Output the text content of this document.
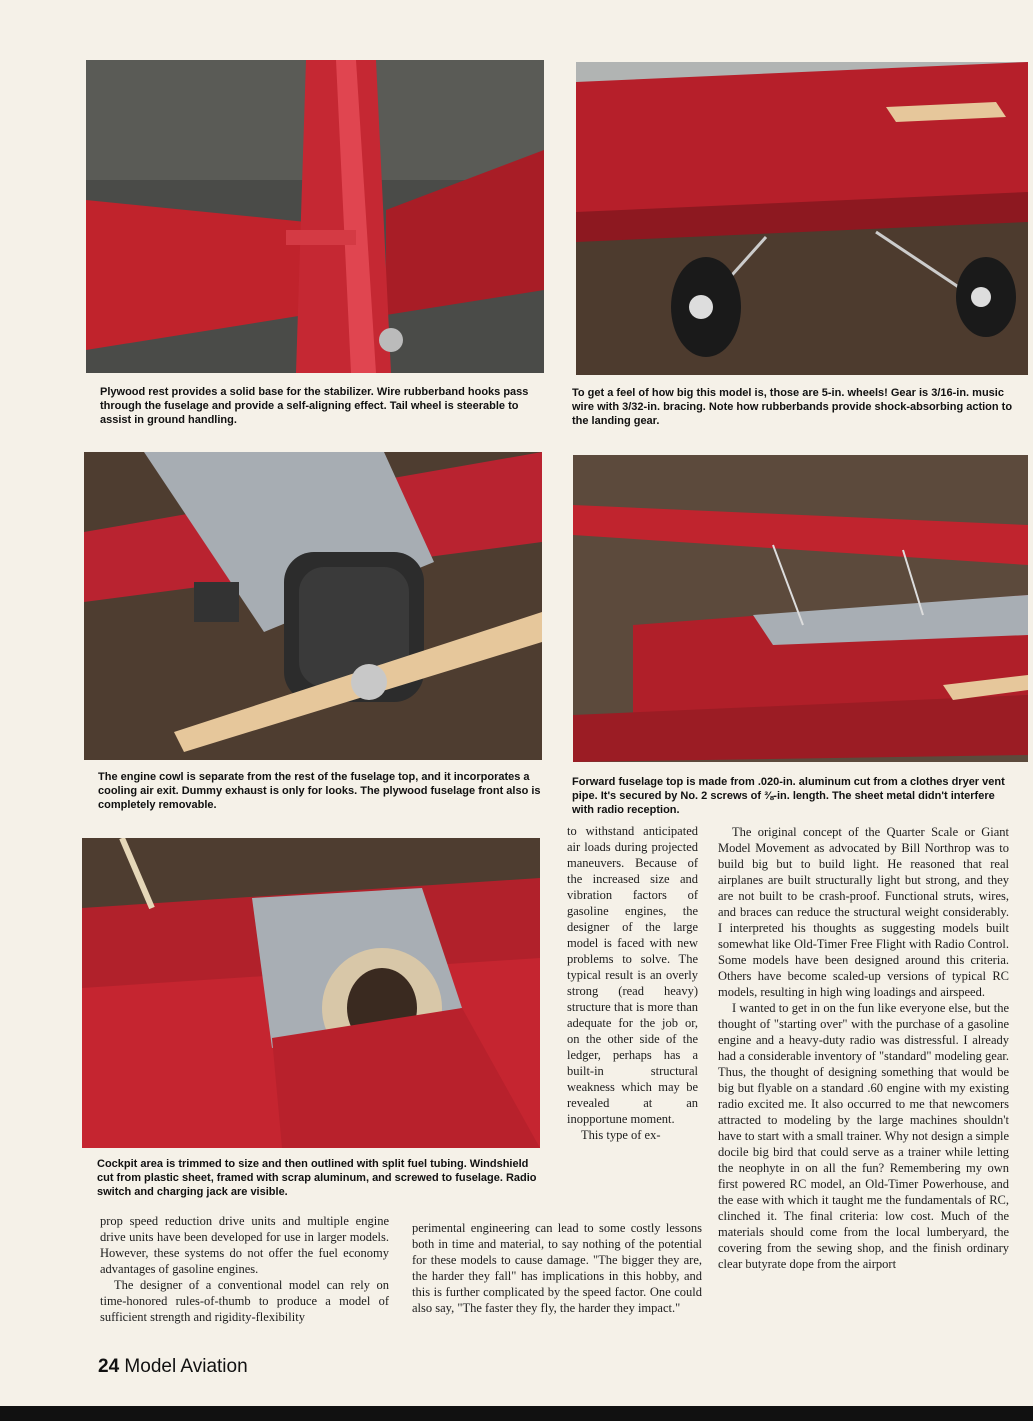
Plywood rest provides a solid base for the stabilizer. Wire rubberband hooks pass through the fuselage and provide a self-aligning effect. Tail wheel is steerable to assist in ground handling.

To get a feel of how big this model is, those are 5-in. wheels! Gear is 3/16-in. music wire with 3/32-in. bracing. Note how rubberbands provide shock-absorbing action to the landing gear.

The engine cowl is separate from the rest of the fuselage top, and it incorporates a cooling air exit. Dummy exhaust is only for looks. The plywood fuselage front also is completely removable.

Forward fuselage top is made from .020-in. aluminum cut from a clothes dryer vent pipe. It's secured by No. 2 screws of ⅜-in. length. The sheet metal didn't interfere with radio reception.

Cockpit area is trimmed to size and then outlined with split fuel tubing. Windshield cut from plastic sheet, framed with scrap aluminum, and screwed to fuselage. Radio switch and charging jack are visible.

prop speed reduction drive units and multiple engine drive units have been developed for use in larger models. However, these systems do not offer the fuel economy advantages of gasoline engines.

The designer of a conventional model can rely on time-honored rules-of-thumb to produce a model of sufficient strength and rigidity-flexibility

to withstand anticipated air loads during projected maneuvers. Because of the increased size and vibration factors of gasoline engines, the designer of the large model is faced with new problems to solve. The typical result is an overly strong (read heavy) structure that is more than adequate for the job or, on the other side of the ledger, perhaps has a built-in structural weakness which may be revealed at an inopportune moment.

This type of ex-

perimental engineering can lead to some costly lessons both in time and material, to say nothing of the potential for these models to cause damage. "The bigger they are, the harder they fall" has implications in this hobby, and this is further complicated by the speed factor. One could also say, "The faster they fly, the harder they impact."

The original concept of the Quarter Scale or Giant Model Movement as advocated by Bill Northrop was to build big but to build light. He reasoned that real airplanes are built structurally light but strong, and they are not built to be crash-proof. Functional struts, wires, and braces can reduce the structural weight considerably. I interpreted his thoughts as suggesting models built somewhat like Old-Timer Free Flight with Radio Control. Some models have been designed around this criteria. Others have become scaled-up versions of typical RC models, resulting in high wing loadings and airspeed.

I wanted to get in on the fun like everyone else, but the thought of "starting over" with the purchase of a gasoline engine and a heavy-duty radio was distressful. I already had a considerable inventory of "standard" modeling gear. Thus, the thought of designing something that would be big but flyable on a standard .60 engine with my existing radio excited me. It also occurred to me that newcomers attracted to modeling by the large machines shouldn't have to start with a small trainer. Why not design a simple docile big bird that could serve as a trainer while letting the neophyte in on all the fun? Remembering my own first powered RC model, an Old-Timer Powerhouse, and the ease with which it taught me the fundamentals of RC, clinched it. The final criteria: low cost. Much of the materials should come from the local lumberyard, the covering from the sewing shop, and the finish ordinary clear butyrate dope from the airport

24 Model Aviation
